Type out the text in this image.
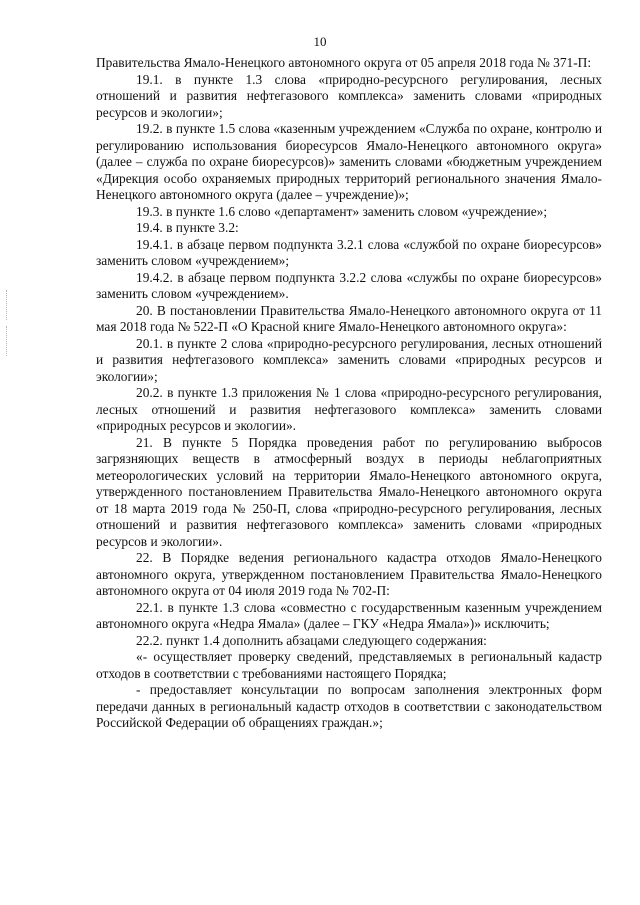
10

Правительства Ямало-Ненецкого автономного округа от 05 апреля 2018 года № 371-П:

19.1. в пункте 1.3 слова «природно-ресурсного регулирования, лесных отношений и развития нефтегазового комплекса» заменить словами «природных ресурсов и экологии»;

19.2. в пункте 1.5 слова «казенным учреждением «Служба по охране, контролю и регулированию использования биоресурсов Ямало-Ненецкого автономного округа» (далее – служба по охране биоресурсов)» заменить словами «бюджетным учреждением «Дирекция особо охраняемых природных территорий регионального значения Ямало-Ненецкого автономного округа (далее – учреждение)»;

19.3. в пункте 1.6 слово «департамент» заменить словом «учреждение»;

19.4. в пункте 3.2:

19.4.1. в абзаце первом подпункта 3.2.1 слова «службой по охране биоресурсов» заменить словом «учреждением»;

19.4.2. в абзаце первом подпункта 3.2.2 слова «службы по охране биоресурсов» заменить словом «учреждением».

20. В постановлении Правительства Ямало-Ненецкого автономного округа от 11 мая 2018 года № 522-П «О Красной книге Ямало-Ненецкого автономного округа»:

20.1. в пункте 2 слова «природно-ресурсного регулирования, лесных отношений и развития нефтегазового комплекса» заменить словами «природных ресурсов и экологии»;

20.2. в пункте 1.3 приложения № 1 слова «природно-ресурсного регулирования, лесных отношений и развития нефтегазового комплекса» заменить словами «природных ресурсов и экологии».

21. В пункте 5 Порядка проведения работ по регулированию выбросов загрязняющих веществ в атмосферный воздух в периоды неблагоприятных метеорологических условий на территории Ямало-Ненецкого автономного округа, утвержденного постановлением Правительства Ямало-Ненецкого автономного округа от 18 марта 2019 года № 250-П, слова «природно-ресурсного регулирования, лесных отношений и развития нефтегазового комплекса» заменить словами «природных ресурсов и экологии».

22. В Порядке ведения регионального кадастра отходов Ямало-Ненецкого автономного округа, утвержденном постановлением Правительства Ямало-Ненецкого автономного округа от 04 июля 2019 года № 702-П:

22.1. в пункте 1.3 слова «совместно с государственным казенным учреждением автономного округа «Недра Ямала» (далее – ГКУ «Недра Ямала»)» исключить;

22.2. пункт 1.4 дополнить абзацами следующего содержания:

«- осуществляет проверку сведений, представляемых в региональный кадастр отходов в соответствии с требованиями настоящего Порядка;

- предоставляет консультации по вопросам заполнения электронных форм передачи данных в региональный кадастр отходов в соответствии с законодательством Российской Федерации об обращениях граждан.»;
